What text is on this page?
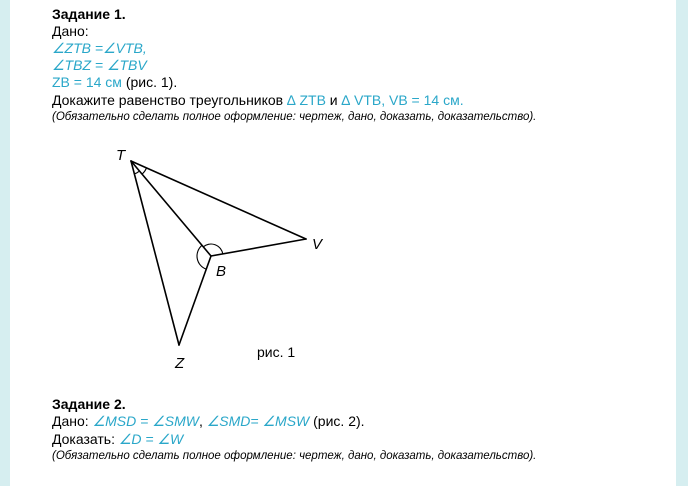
Задание 1.
Дано:
∠ZTB =∠VTB,
∠TBZ = ∠TBV
ZB = 14 см (рис. 1).
Докажите равенство треугольников ∆ ZTB и ∆ VTB, VB = 14 см.
(Обязательно сделать полное оформление: чертеж, дано, доказать, доказательство).
T
V
B
Z
рис. 1
Задание 2.
Дано: ∠MSD = ∠SMW, ∠SMD= ∠MSW (рис. 2).
Доказать: ∠D = ∠W
(Обязательно сделать полное оформление: чертеж, дано, доказать, доказательство).
